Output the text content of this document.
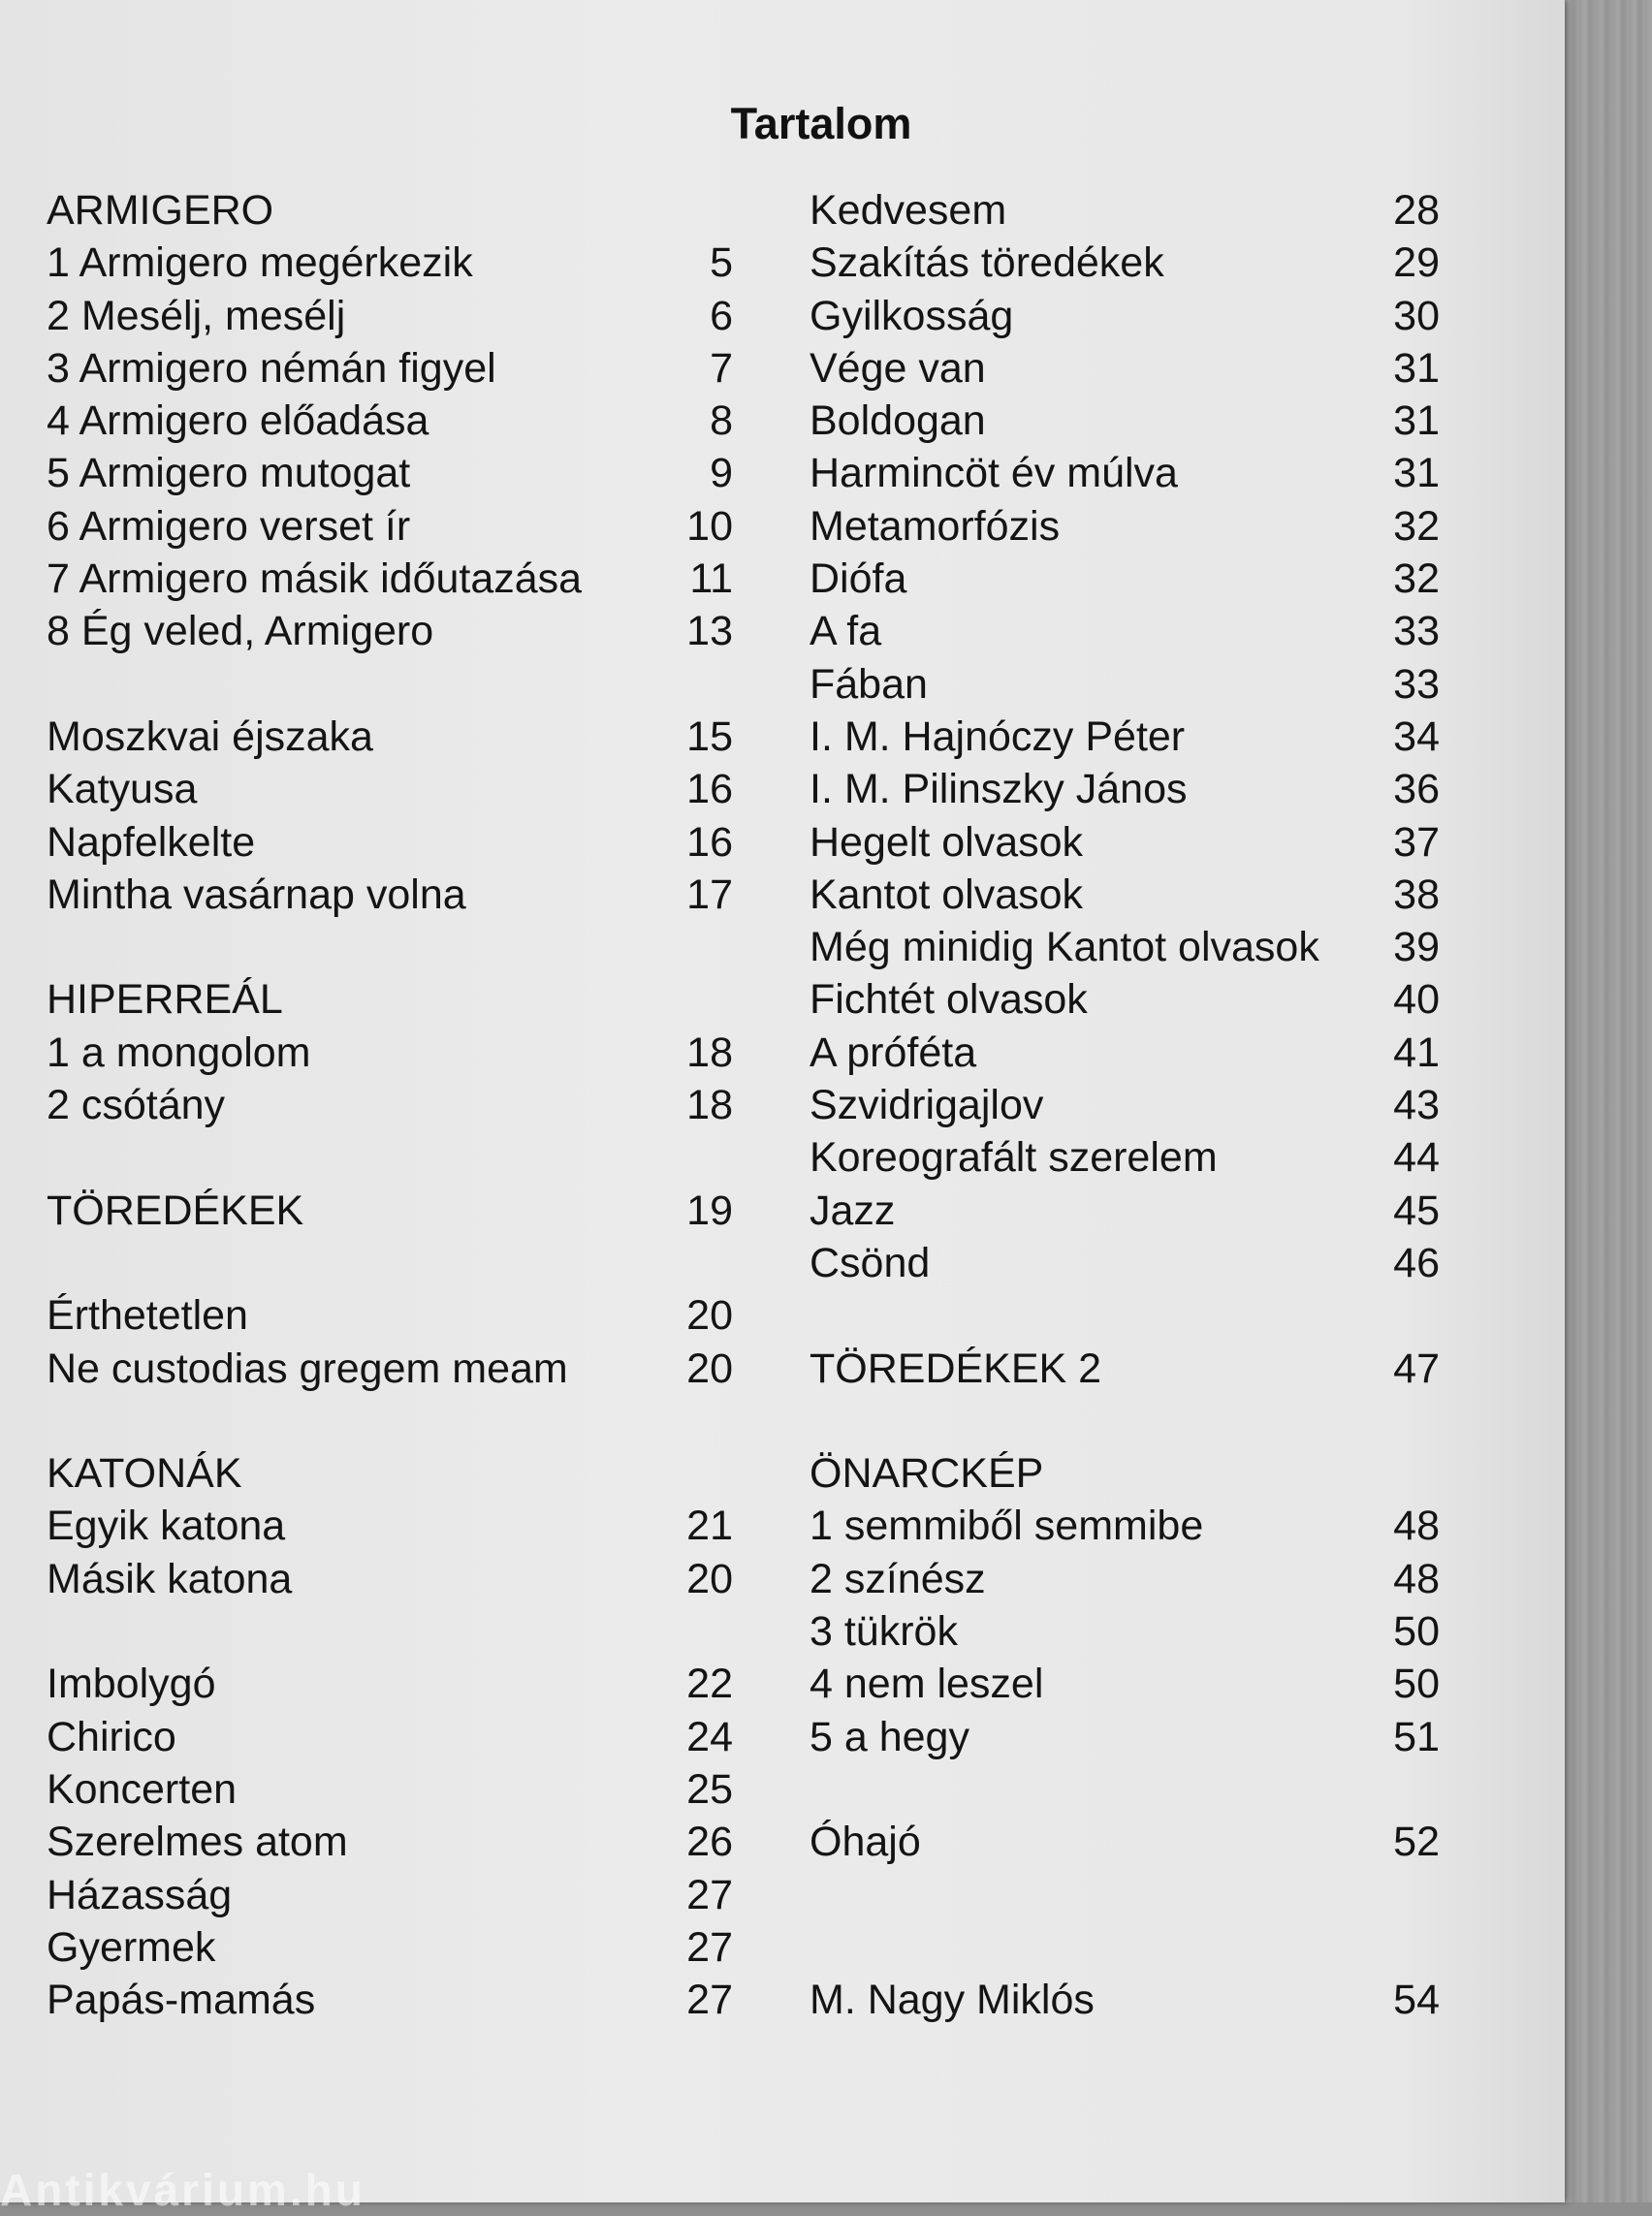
Tartalom
ARMIGERO
1 Armigero megérkezik	5
2 Mesélj, mesélj	6
3 Armigero némán figyel	7
4 Armigero előadása	8
5 Armigero mutogat	9
6 Armigero verset ír	10
7 Armigero másik időutazása	11
8 Ég veled, Armigero	13
Moszkvai éjszaka	15
Katyusa	16
Napfelkelte	16
Mintha vasárnap volna	17
HIPERREÁL
1 a mongolom	18
2 csótány	18
TÖREDÉKEK	19
Érthetetlen	20
Ne custodias gregem meam	20
KATONÁK
Egyik katona	21
Másik katona	20
Imbolygó	22
Chirico	24
Koncerten	25
Szerelmes atom	26
Házasság	27
Gyermek	27
Papás-mamás	27
Kedvesem	28
Szakítás töredékek	29
Gyilkosság	30
Vége van	31
Boldogan	31
Harmincöt év múlva	31
Metamorfózis	32
Diófa	32
A fa	33
Fában	33
I. M. Hajnóczy Péter	34
I. M. Pilinszky János	36
Hegelt olvasok	37
Kantot olvasok	38
Még minidig Kantot olvasok 39
Fichtét olvasok	40
A próféta	41
Szvidrigajlov	43
Koreografált szerelem	44
Jazz	45
Csönd	46
TÖREDÉKEK 2	47
ÖNARCKÉP
1 semmiből semmibe	48
2 színész	48
3 tükrök	50
4 nem leszel	50
5 a hegy	51
Óhajó	52
M. Nagy Miklós	54
Antikvárium.hu
